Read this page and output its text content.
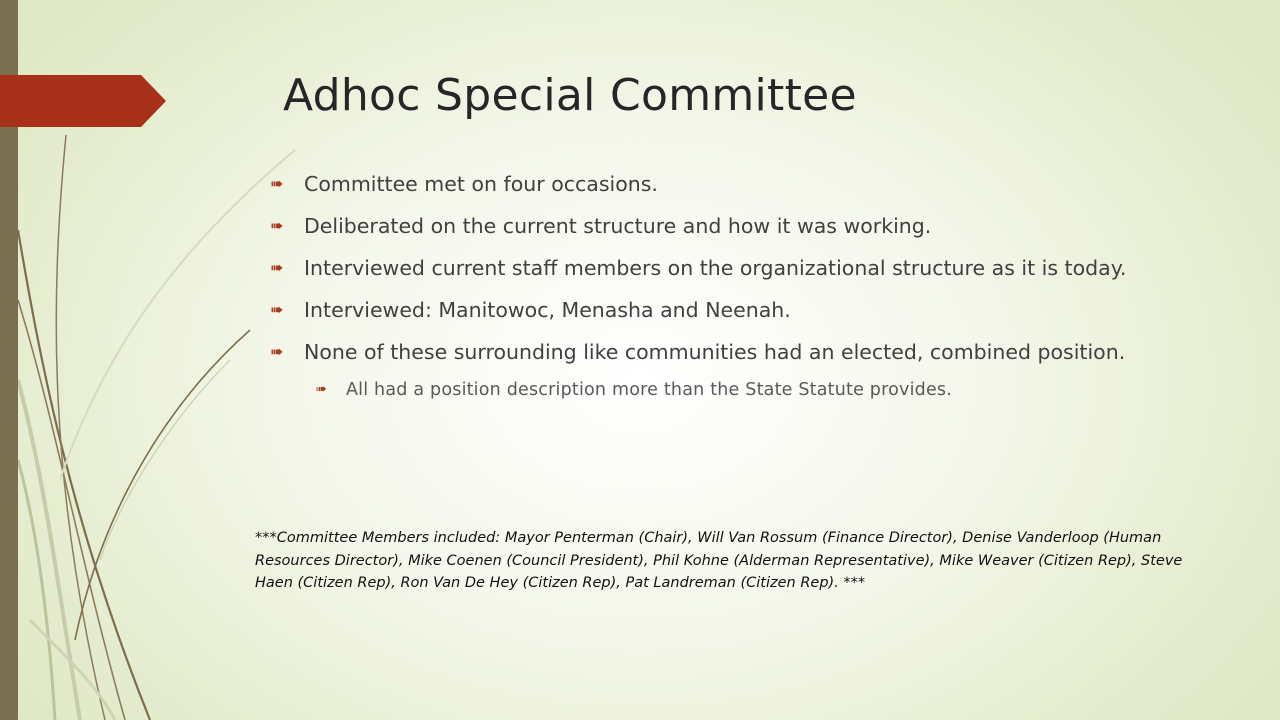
Adhoc Special Committee
➠ Committee met on four occasions.
➠ Deliberated on the current structure and how it was working.
➠ Interviewed current staff members on the organizational structure as it is today.
➠ Interviewed: Manitowoc, Menasha and Neenah.
➠ None of these surrounding like communities had an elected, combined position.
➠ All had a position description more than the State Statute provides.
***Committee Members included: Mayor Penterman (Chair), Will Van Rossum (Finance Director), Denise Vanderloop (Human Resources Director), Mike Coenen (Council President), Phil Kohne (Alderman Representative), Mike Weaver (Citizen Rep), Steve Haen (Citizen Rep), Ron Van De Hey (Citizen Rep), Pat Landreman (Citizen Rep). ***
